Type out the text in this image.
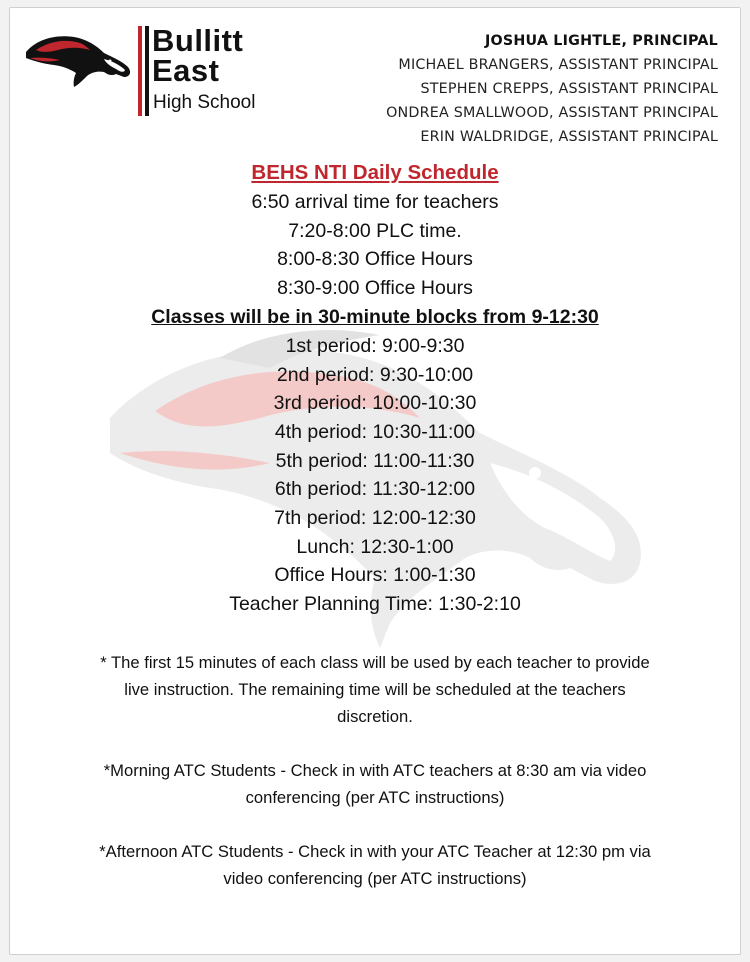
Bullitt
East
High School
JOSHUA LIGHTLE, PRINCIPAL
MICHAEL BRANGERS, ASSISTANT PRINCIPAL
STEPHEN CREPPS, ASSISTANT PRINCIPAL
ONDREA SMALLWOOD, ASSISTANT PRINCIPAL
ERIN WALDRIDGE, ASSISTANT PRINCIPAL
BEHS NTI Daily Schedule
6:50 arrival time for teachers
7:20-8:00 PLC time.
8:00-8:30 Office Hours
8:30-9:00 Office Hours
Classes will be in 30-minute blocks from 9-12:30
1st period: 9:00-9:30
2nd period: 9:30-10:00
3rd period: 10:00-10:30
4th period: 10:30-11:00
5th period: 11:00-11:30
6th period: 11:30-12:00
7th period: 12:00-12:30
Lunch: 12:30-1:00
Office Hours: 1:00-1:30
Teacher Planning Time: 1:30-2:10

* The first 15 minutes of each class will be used by each teacher to provide live instruction. The remaining time will be scheduled at the teachers discretion.

*Morning ATC Students - Check in with ATC teachers at 8:30 am via video conferencing (per ATC instructions)

*Afternoon ATC Students - Check in with your ATC Teacher at 12:30 pm via video conferencing (per ATC instructions)
